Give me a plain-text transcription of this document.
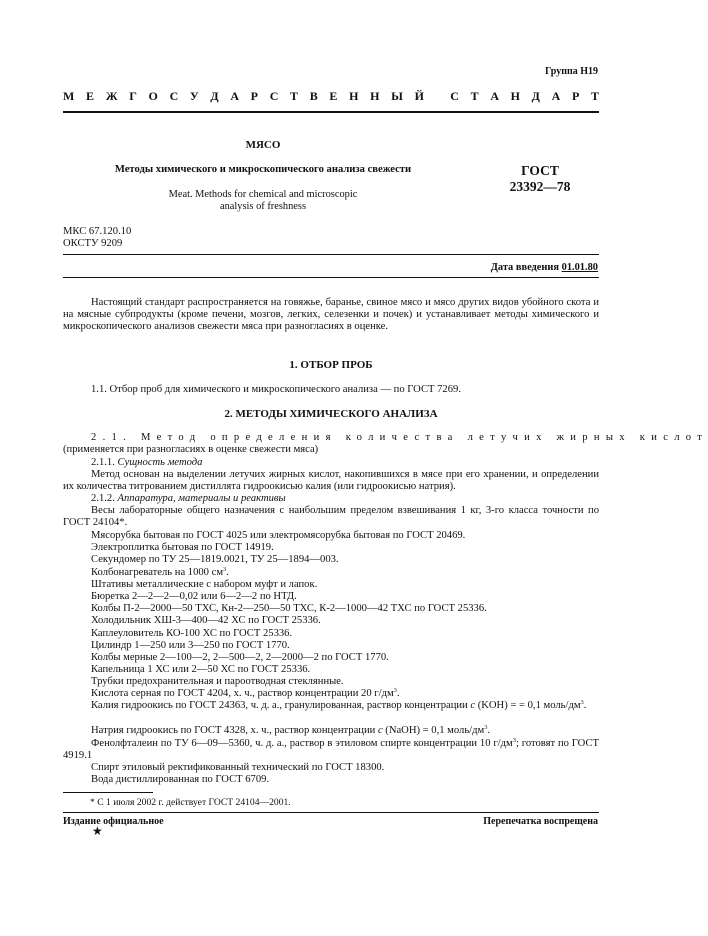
Группа Н19
М Е Ж Г О С У Д А Р С Т В Е Н Н Ы Й
С Т А Н Д А Р Т
МЯСО
Методы химического и микроскопического анализа свежести
Meat. Methods for chemical and microscopic
analysis of freshness
ГОСТ
23392—78
МКС 67.120.10
ОКСТУ 9209
Дата введения 01.01.80
Настоящий стандарт распространяется на говяжье, баранье, свиное мясо и мясо других видов убойного скота и на мясные субпродукты (кроме печени, мозгов, легких, селезенки и почек) и устанавливает методы химического и микроскопического анализов свежести мяса при разногласиях в оценке.
1. ОТБОР ПРОБ
1.1. Отбор проб для химического и микроскопического анализа — по ГОСТ 7269.
2. МЕТОДЫ ХИМИЧЕСКОГО АНАЛИЗА
2.1. Метод определения количества летучих жирных кислот
(применяется при разногласиях в оценке свежести мяса)
2.1.1. Сущность метода
Метод основан на выделении летучих жирных кислот, накопившихся в мясе при его хранении, и определении их количества титрованием дистиллята гидроокисью калия (или гидроокисью натрия).
2.1.2. Аппаратура, материалы и реактивы
Весы лабораторные общего назначения с наибольшим пределом взвешивания 1 кг, 3-го класса точности по ГОСТ 24104*.
Мясорубка бытовая по ГОСТ 4025 или электромясорубка бытовая по ГОСТ 20469.
Электроплитка бытовая по ГОСТ 14919.
Секундомер по ТУ 25—1819.0021, ТУ 25—1894—003.
Колбонагреватель на 1000 $см^3$.
Штативы металлические с набором муфт и лапок.
Бюретка 2—2—2—0,02 или 6—2—2 по НТД.
Колбы П-2—2000—50 ТХС, Кн-2—250—50 ТХС, К-2—1000—42 ТХС по ГОСТ 25336.
Холодильник ХШ-3—400—42 ХС по ГОСТ 25336.
Каплеуловитель КО-100 ХС по ГОСТ 25336.
Цилиндр 1—250 или 3—250 по ГОСТ 1770.
Колбы мерные 2—100—2, 2—500—2, 2—2000—2 по ГОСТ 1770.
Капельница 1 ХС или 2—50 ХС по ГОСТ 25336.
Трубки предохранительная и пароотводная стеклянные.
Кислота серная по ГОСТ 4204, х. ч., раствор концентрации 20 $г/дм^3$.
Калия гидроокись по ГОСТ 24363, ч. д. а., гранулированная, раствор концентрации c (KOH) = = 0,1 моль/$дм^3$.
Натрия гидроокись по ГОСТ 4328, х. ч., раствор концентрации c (NaOH) = 0,1 моль/$дм^3$.
Фенолфталеин по ТУ 6—09—5360, ч. д. а., раствор в этиловом спирте концентрации 10 $г/дм^3$; готовят по ГОСТ 4919.1
Спирт этиловый ректификованный технический по ГОСТ 18300.
Вода дистиллированная по ГОСТ 6709.
* С 1 июля 2002 г. действует ГОСТ 24104—2001.
Издание официальное	Перепечатка воспрещена
★
